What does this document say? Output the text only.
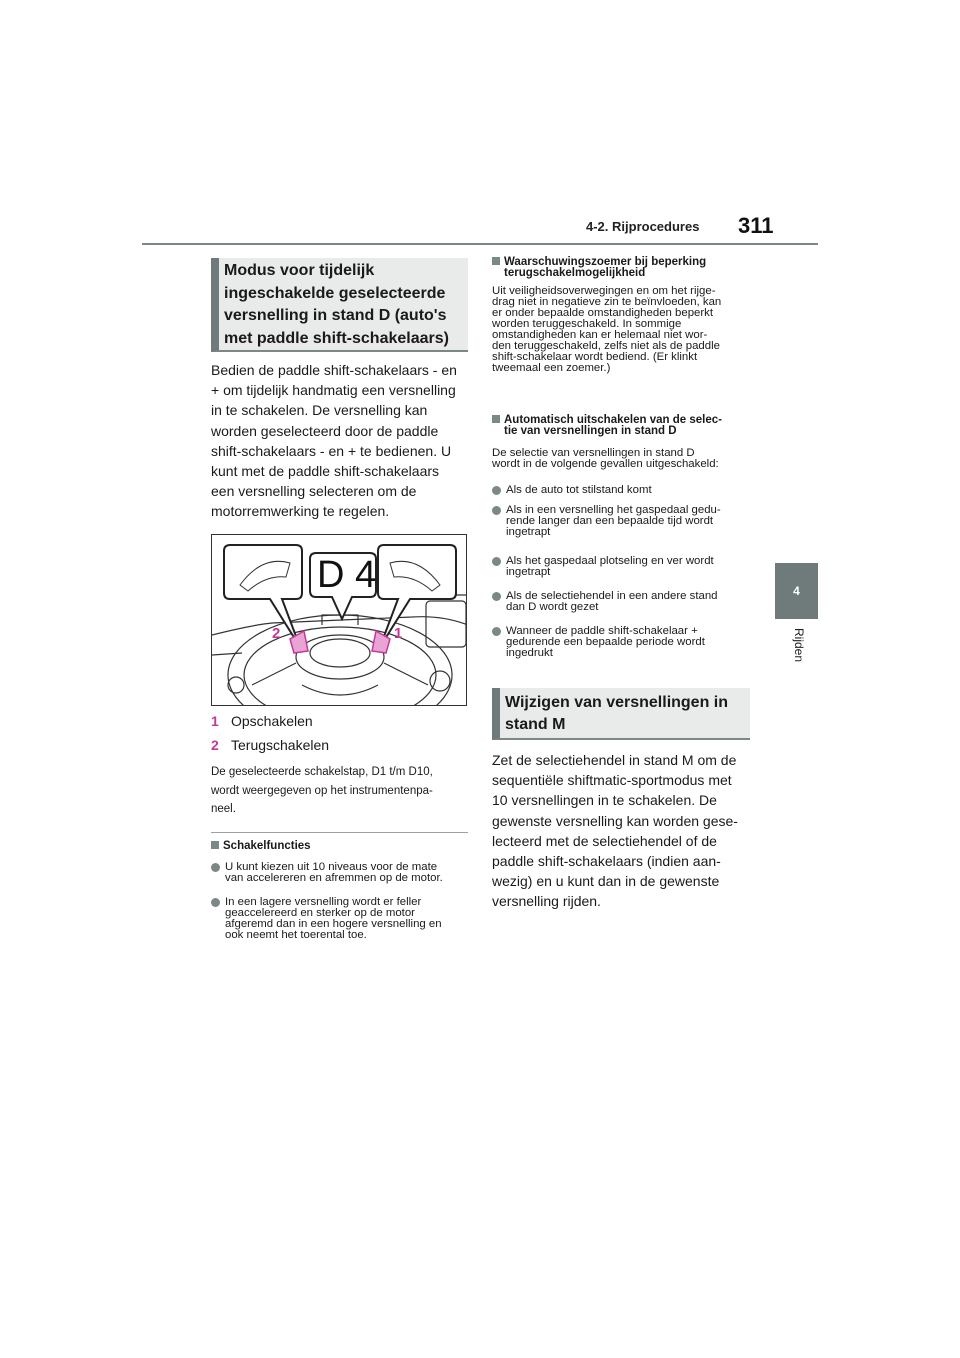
4-2. Rijprocedures 311
4
Rijden
Modus voor tijdelijk
ingeschakelde geselecteerde
versnelling in stand D (auto's
met paddle shift-schakelaars)
Bedien de paddle shift-schakelaars - en
+ om tijdelijk handmatig een versnelling
in te schakelen. De versnelling kan
worden geselecteerd door de paddle
shift-schakelaars - en + te bedienen. U
kunt met de paddle shift-schakelaars
een versnelling selecteren om de
motorremwerking te regelen.
D 4
1
2
1 Opschakelen
2 Terugschakelen
De geselecteerde schakelstap, D1 t/m D10,
wordt weergegeven op het instrumentenpa-
neel.
Schakelfuncties
U kunt kiezen uit 10 niveaus voor de mate
van accelereren en afremmen op de motor.
In een lagere versnelling wordt er feller
geaccelereerd en sterker op de motor
afgeremd dan in een hogere versnelling en
ook neemt het toerental toe.
Waarschuwingszoemer bij beperking
terugschakelmogelijkheid
Uit veiligheidsoverwegingen en om het rijge-
drag niet in negatieve zin te beïnvloeden, kan
er onder bepaalde omstandigheden beperkt
worden teruggeschakeld. In sommige
omstandigheden kan er helemaal niet wor-
den teruggeschakeld, zelfs niet als de paddle
shift-schakelaar wordt bediend. (Er klinkt
tweemaal een zoemer.)
Automatisch uitschakelen van de selec-
tie van versnellingen in stand D
De selectie van versnellingen in stand D
wordt in de volgende gevallen uitgeschakeld:
Als de auto tot stilstand komt
Als in een versnelling het gaspedaal gedu-
rende langer dan een bepaalde tijd wordt
ingetrapt
Als het gaspedaal plotseling en ver wordt
ingetrapt
Als de selectiehendel in een andere stand
dan D wordt gezet
Wanneer de paddle shift-schakelaar +
gedurende een bepaalde periode wordt
ingedrukt
Wijzigen van versnellingen in
stand M
Zet de selectiehendel in stand M om de
sequentiële shiftmatic-sportmodus met
10 versnellingen in te schakelen. De
gewenste versnelling kan worden gese-
lecteerd met de selectiehendel of de
paddle shift-schakelaars (indien aan-
wezig) en u kunt dan in de gewenste
versnelling rijden.
